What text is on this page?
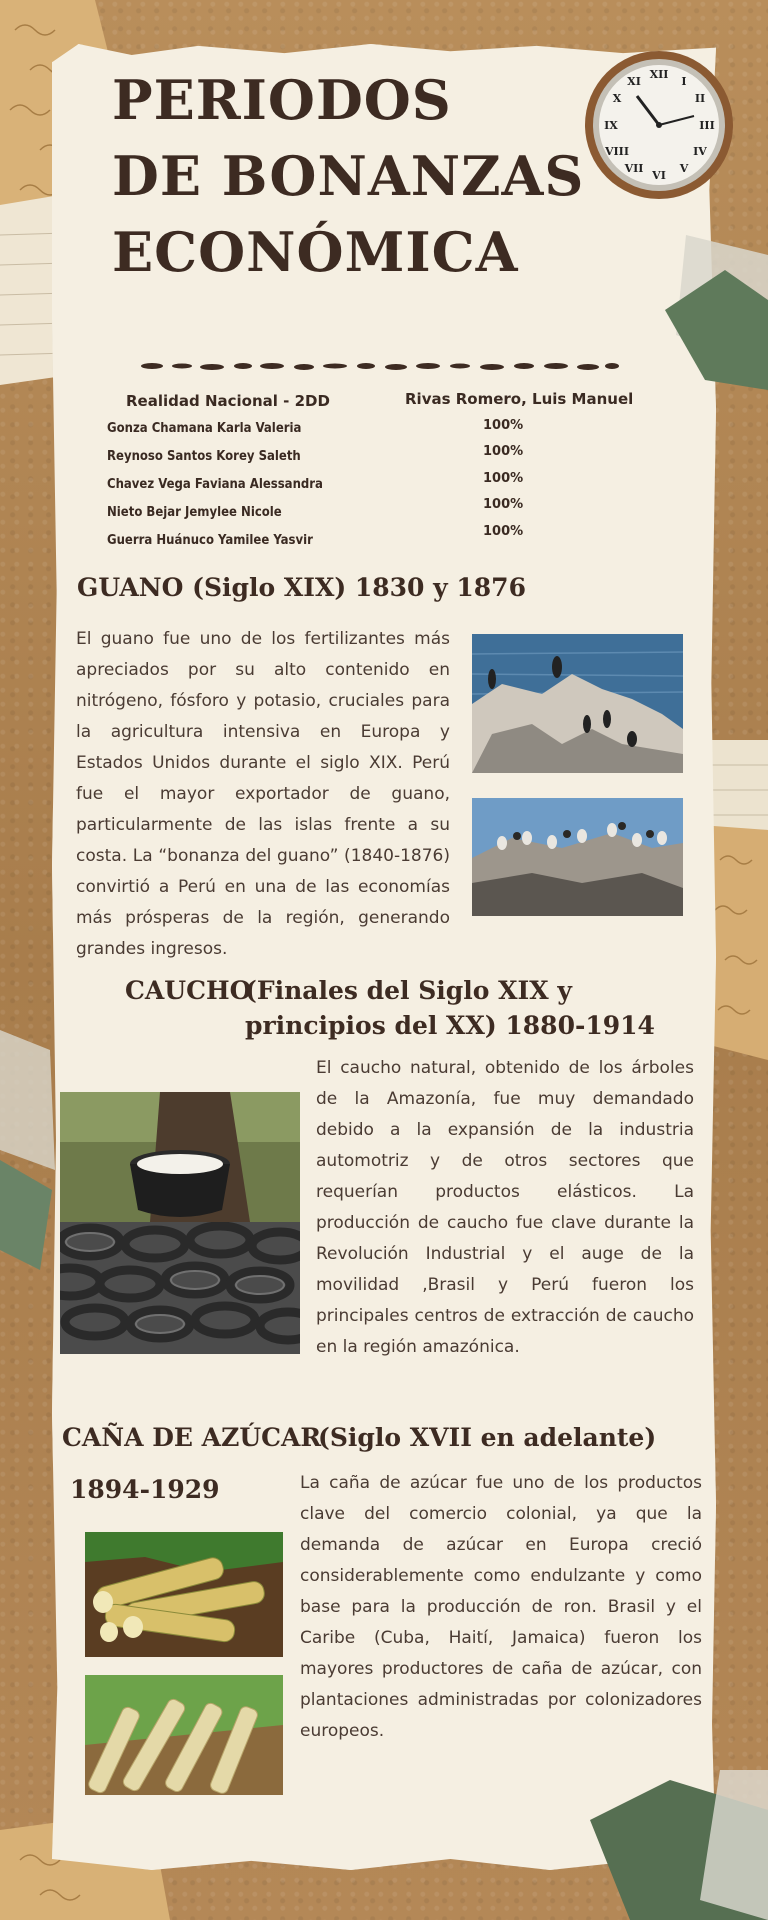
XII
I
II
III
IV
V
VI
VII
VIII
IX
X
XI
PERIODOS
DE BONANZAS
ECONÓMICA
Realidad Nacional - 2DD	Rivas Romero, Luis Manuel
Gonza Chamana Karla Valeria
Reynoso Santos Korey Saleth
Chavez Vega Faviana Alessandra
Nieto Bejar Jemylee Nicole
Guerra Huánuco Yamilee Yasvir
100%
100%
100%
100%
100%
GUANO (Siglo XIX) 1830 y 1876

El guano fue uno de los fertilizantes más apreciados por su alto contenido en nitrógeno, fósforo y potasio, cruciales para la agricultura intensiva en Europa y Estados Unidos durante el siglo XIX. Perú fue el mayor exportador de guano, particularmente de las islas frente a su costa. La “bonanza del guano” (1840-1876) convirtió a Perú en una de las economías más prósperas de la región, generando grandes ingresos.

CAUCHO
(Finales del Siglo XIX y
principios del XX) 1880-1914

El caucho natural, obtenido de los árboles de la Amazonía, fue muy demandado debido a la expansión de la industria automotriz y de otros sectores que requerían productos elásticos. La producción de caucho fue clave durante la Revolución Industrial y el auge de la movilidad ,Brasil y Perú fueron los principales centros de extracción de caucho en la región amazónica.

CAÑA DE AZÚCAR
(Siglo XVII en adelante)
1894-1929	La caña de azúcar fue uno de los productos clave del comercio colonial, ya que la demanda de azúcar en Europa creció considerablemente como endulzante y como base para la producción de ron. Brasil y el Caribe (Cuba, Haití, Jamaica) fueron los mayores productores de caña de azúcar, con plantaciones administradas por colonizadores europeos.
